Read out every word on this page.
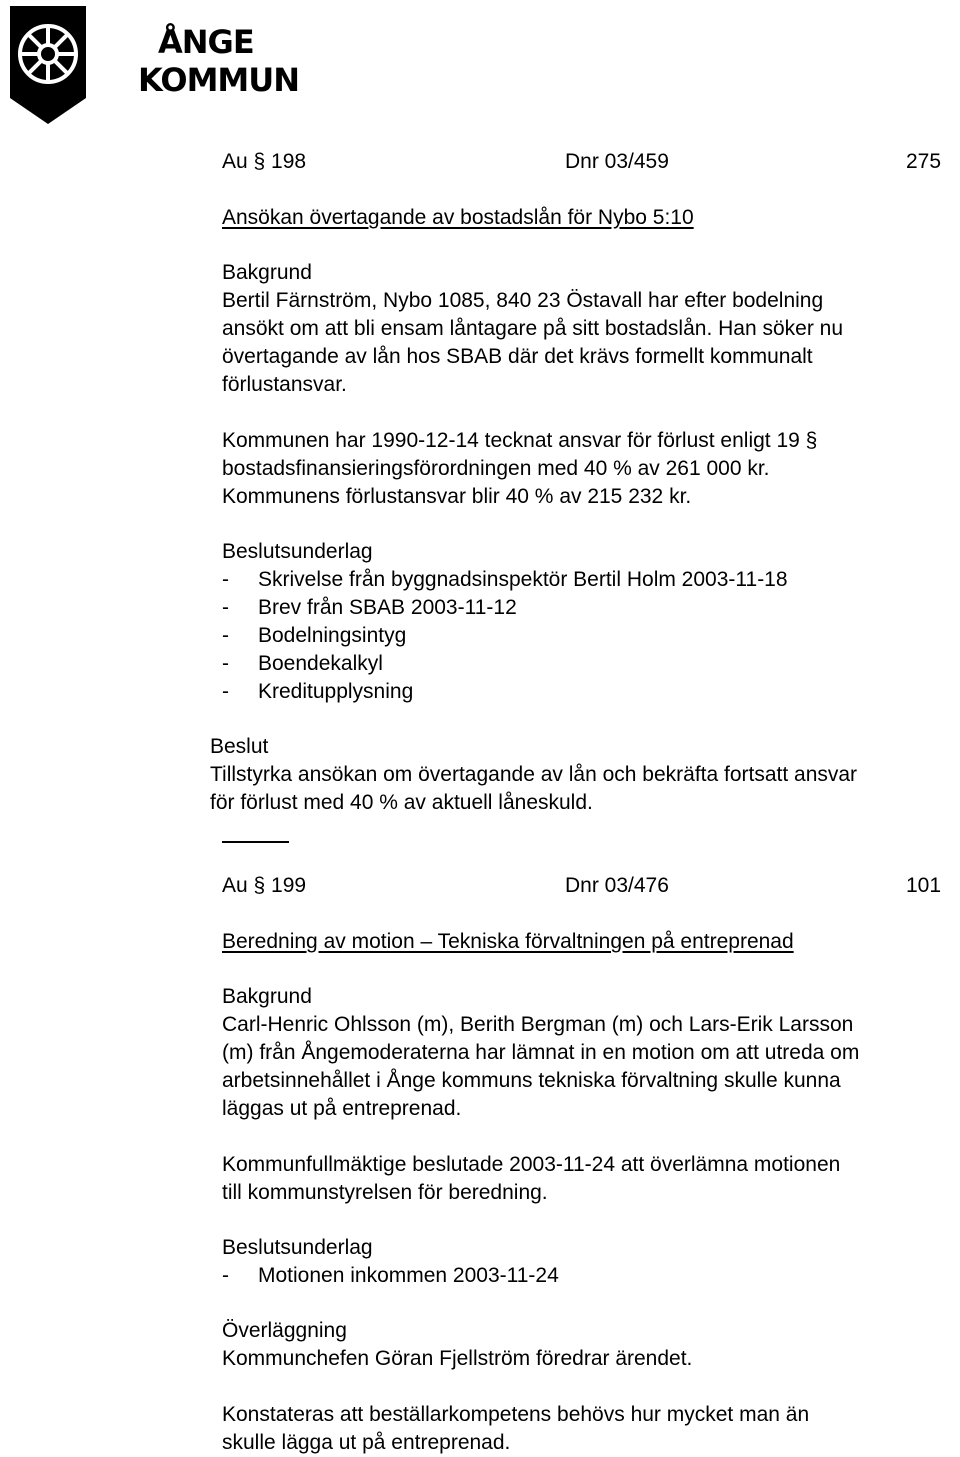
ÅNGE
KOMMUN
Au § 198	Dnr 03/459	275
Ansökan övertagande av bostadslån för Nybo 5:10
Bakgrund
Bertil Färnström, Nybo 1085, 840 23 Östavall har efter bodelning
ansökt om att bli ensam låntagare på sitt bostadslån. Han söker nu
övertagande av lån hos SBAB där det krävs formellt kommunalt
förlustansvar.
Kommunen har 1990-12-14 tecknat ansvar för förlust enligt 19 §
bostadsfinansieringsförordningen med 40 % av 261 000 kr.
Kommunens förlustansvar blir 40 % av 215 232 kr.
Beslutsunderlag
- Skrivelse från byggnadsinspektör Bertil Holm 2003-11-18
- Brev från SBAB 2003-11-12
- Bodelningsintyg
- Boendekalkyl
- Kreditupplysning
Beslut
Tillstyrka ansökan om övertagande av lån och bekräfta fortsatt ansvar
för förlust med 40 % av aktuell låneskuld.
Au § 199	Dnr 03/476	101
Beredning av motion – Tekniska förvaltningen på entreprenad
Bakgrund
Carl-Henric Ohlsson (m), Berith Bergman (m) och Lars-Erik Larsson
(m) från Ångemoderaterna har lämnat in en motion om att utreda om
arbetsinnehållet i Ånge kommuns tekniska förvaltning skulle kunna
läggas ut på entreprenad.
Kommunfullmäktige beslutade 2003-11-24 att överlämna motionen
till kommunstyrelsen för beredning.
Beslutsunderlag
- Motionen inkommen 2003-11-24
Överläggning
Kommunchefen Göran Fjellström föredrar ärendet.
Konstateras att beställarkompetens behövs hur mycket man än
skulle lägga ut på entreprenad.
